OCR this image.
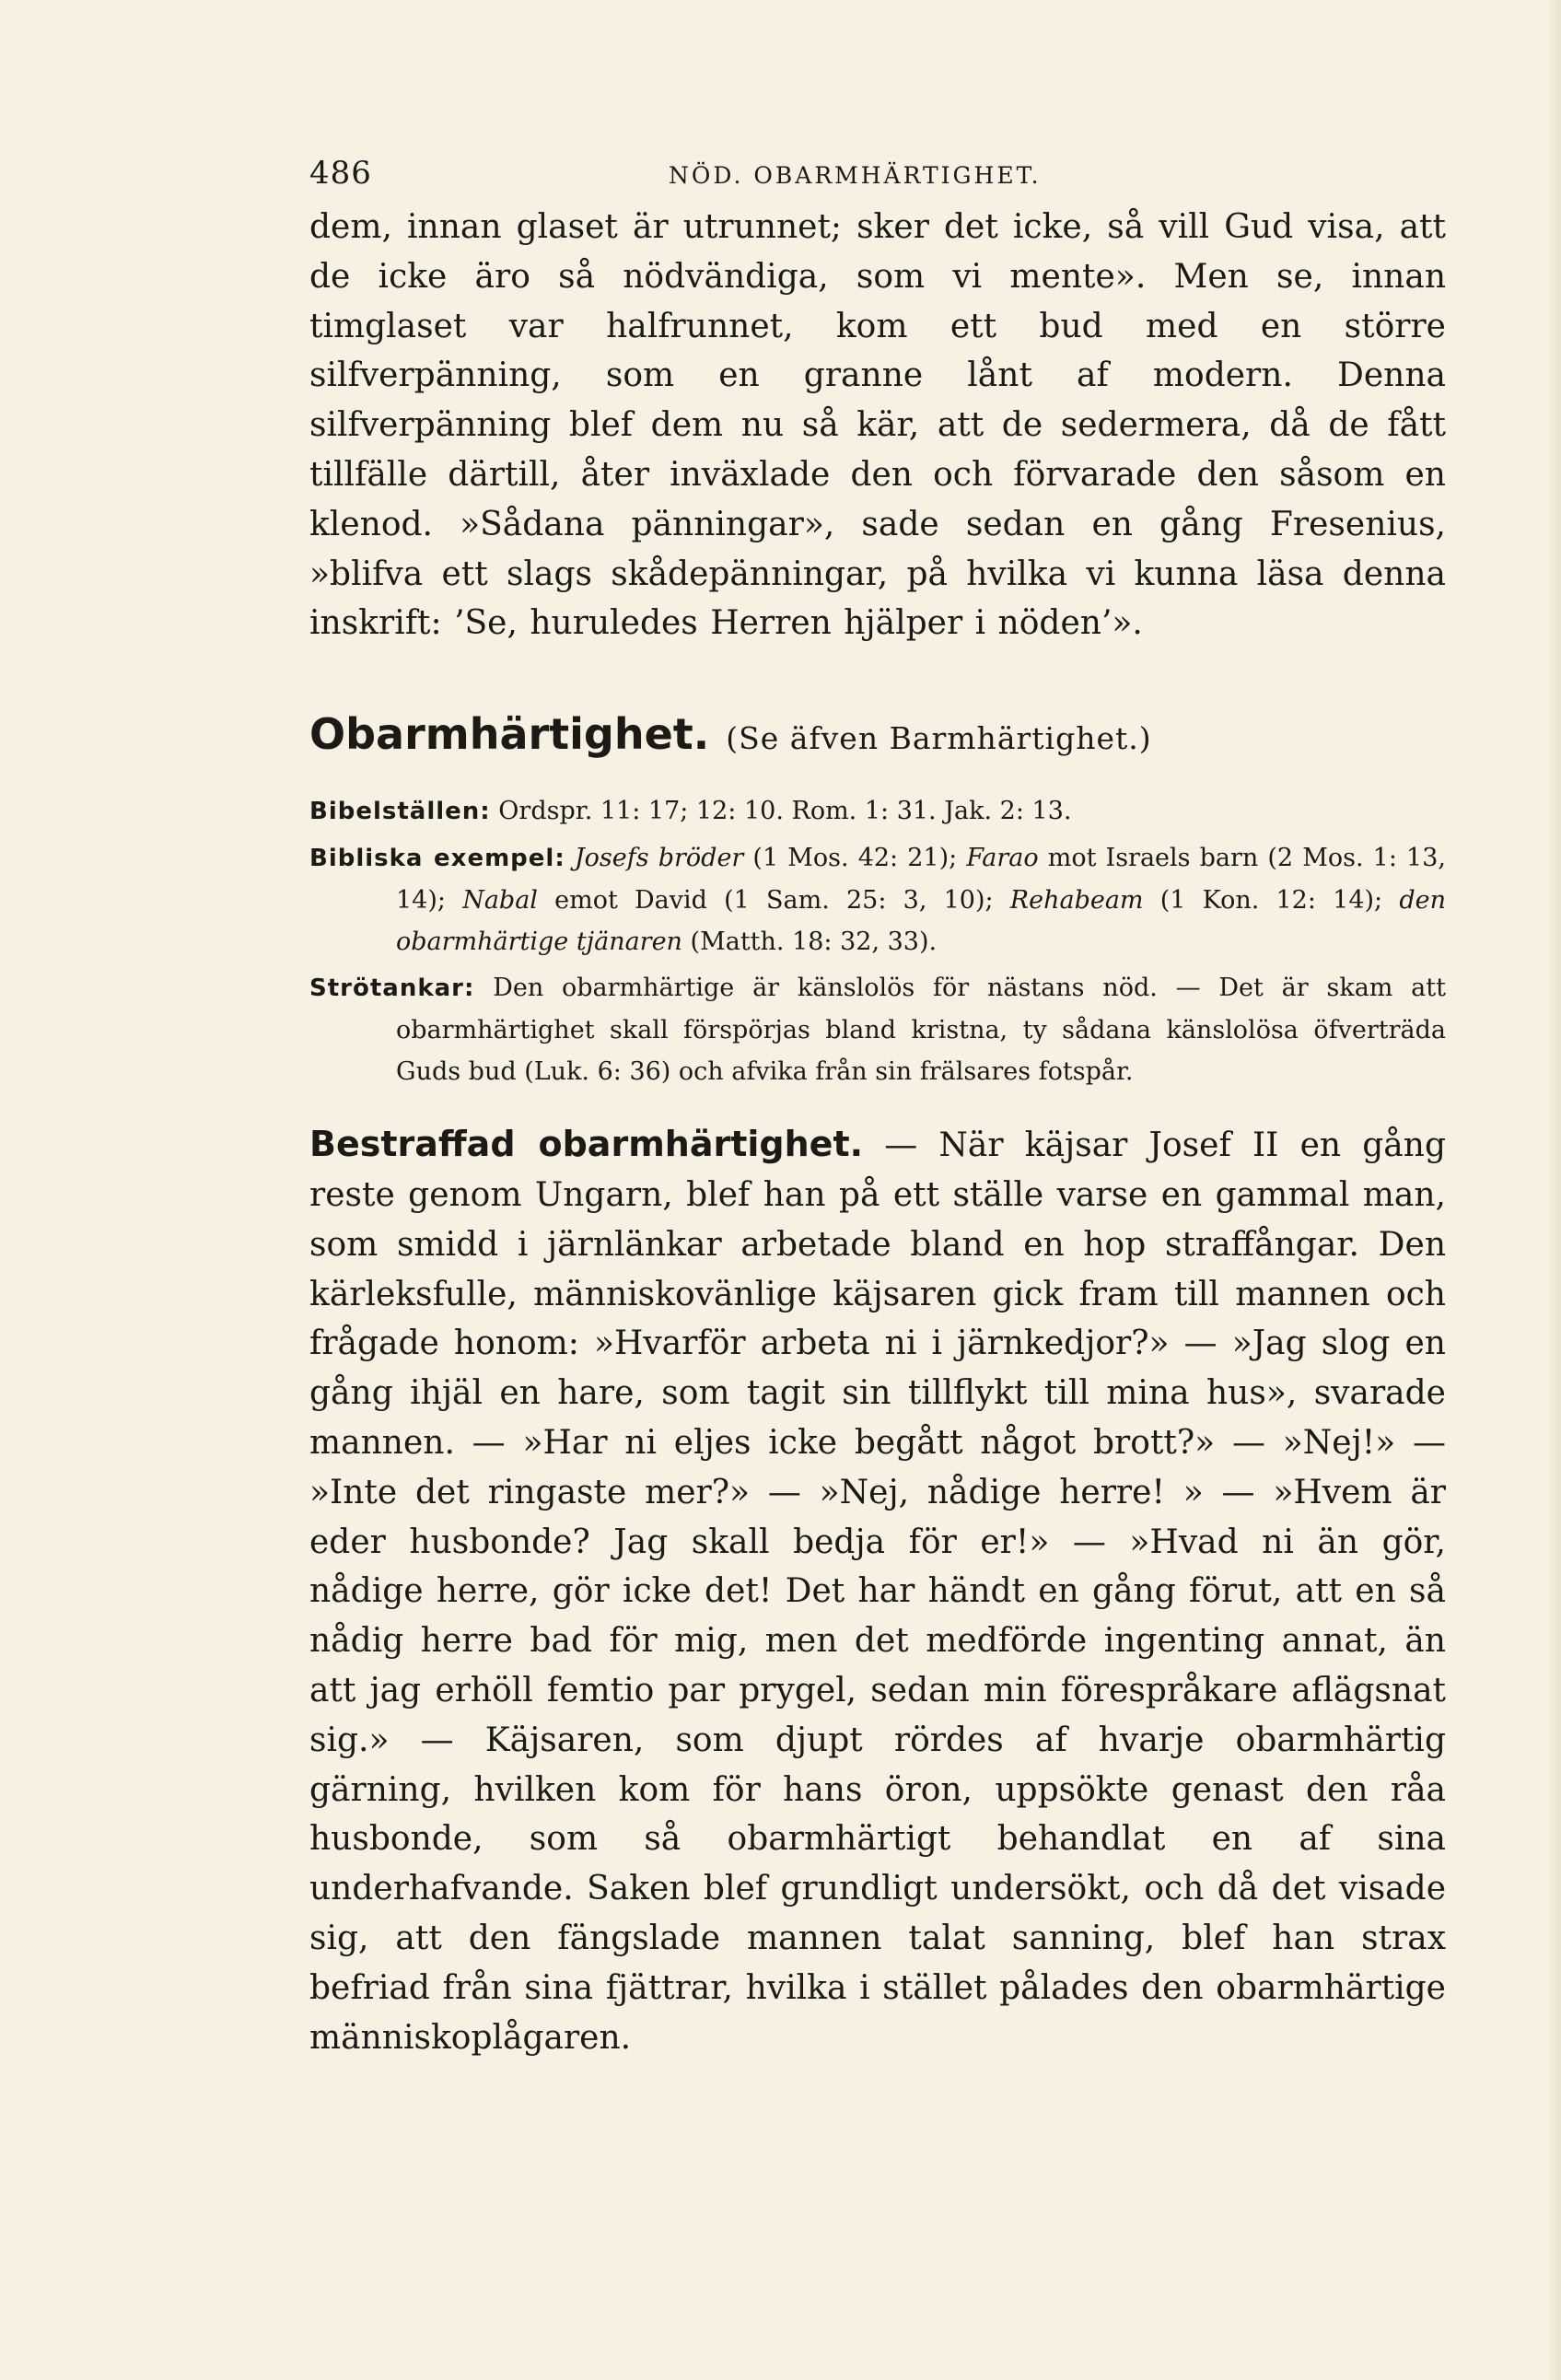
486	NÖD. OBARMHÄRTIGHET.

dem, innan glaset är utrunnet; sker det icke, så vill Gud visa, att de icke äro så nödvändiga, som vi mente». Men se, innan timglaset var halfrunnet, kom ett bud med en större silfverpänning, som en granne lånt af modern. Denna silfverpänning blef dem nu så kär, att de sedermera, då de fått tillfälle därtill, åter inväxlade den och förvarade den såsom en klenod. »Sådana pänningar», sade sedan en gång Fresenius, »blifva ett slags skådepänningar, på hvilka vi kunna läsa denna inskrift: ’Se, huruledes Herren hjälper i nöden’».

Obarmhärtighet. (Se äfven Barmhärtighet.)
Bibelställen: Ordspr. 11: 17; 12: 10. Rom. 1: 31. Jak. 2: 13.
Bibliska exempel: Josefs bröder (1 Mos. 42: 21); Farao mot Israels barn (2 Mos. 1: 13, 14); Nabal emot David (1 Sam. 25: 3, 10); Rehabeam (1 Kon. 12: 14); den obarmhärtige tjänaren (Matth. 18: 32, 33).
Strötankar: Den obarmhärtige är känslolös för nästans nöd. — Det är skam att obarmhärtighet skall förspörjas bland kristna, ty sådana känslolösa öfverträda Guds bud (Luk. 6: 36) och afvika från sin frälsares fotspår.

Bestraffad obarmhärtighet. — När käjsar Josef II en gång reste genom Ungarn, blef han på ett ställe varse en gammal man, som smidd i järnlänkar arbetade bland en hop straffångar. Den kärleksfulle, människovänlige käjsaren gick fram till mannen och frågade honom: »Hvarför arbeta ni i järnkedjor?» — »Jag slog en gång ihjäl en hare, som tagit sin tillflykt till mina hus», svarade mannen. — »Har ni eljes icke begått något brott?» — »Nej!» — »Inte det ringaste mer?» — »Nej, nådige herre! » — »Hvem är eder husbonde? Jag skall bedja för er!» — »Hvad ni än gör, nådige herre, gör icke det! Det har händt en gång förut, att en så nådig herre bad för mig, men det medförde ingenting annat, än att jag erhöll femtio par prygel, sedan min förespråkare aflägsnat sig.» — Käjsaren, som djupt rördes af hvarje obarmhärtig gärning, hvilken kom för hans öron, uppsökte genast den råa husbonde, som så obarmhärtigt behandlat en af sina underhafvande. Saken blef grundligt undersökt, och då det visade sig, att den fängslade mannen talat sanning, blef han strax befriad från sina fjättrar, hvilka i stället pålades den obarmhärtige människoplågaren.
